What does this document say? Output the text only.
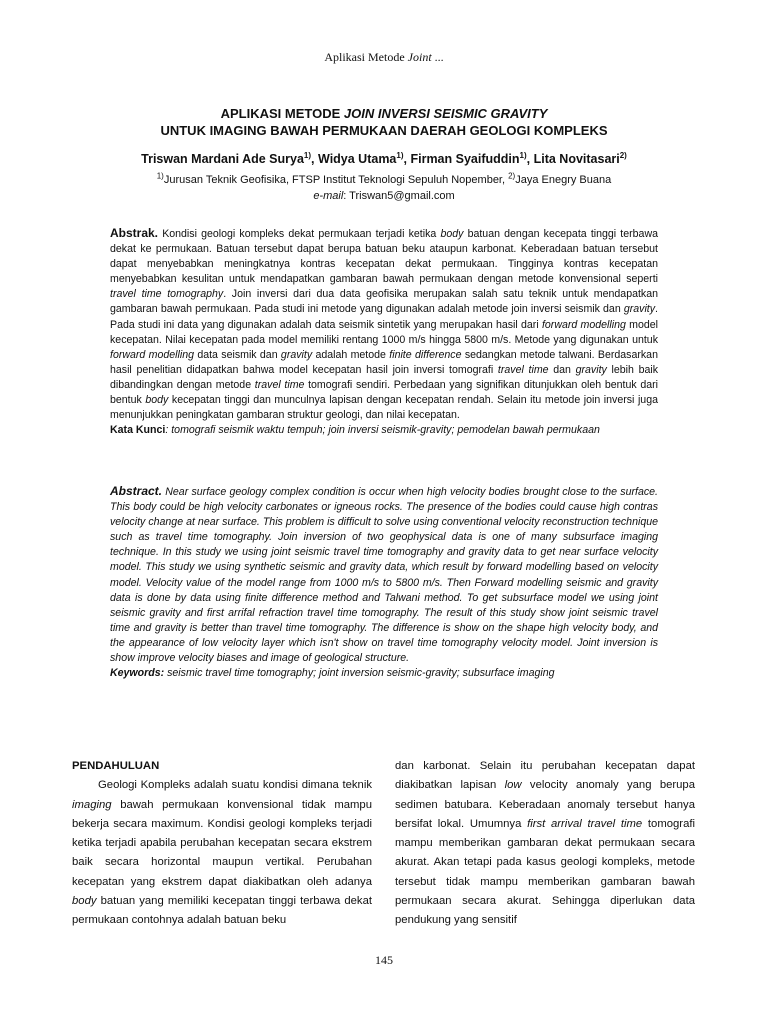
Aplikasi Metode Joint ...
APLIKASI METODE JOIN INVERSI SEISMIC GRAVITY
UNTUK IMAGING BAWAH PERMUKAAN DAERAH GEOLOGI KOMPLEKS
Triswan Mardani Ade Surya$^{1)}$, Widya Utama$^{1)}$, Firman Syaifuddin$^{1)}$, Lita Novitasari$^{2)}$
$^{1)}$Jurusan Teknik Geofisika, FTSP Institut Teknologi Sepuluh Nopember, $^{2)}$Jaya Enegry Buana
e-mail: Triswan5@gmail.com
Abstrak. Kondisi geologi kompleks dekat permukaan terjadi ketika body batuan dengan kecepata tinggi terbawa dekat ke permukaan. Batuan tersebut dapat berupa batuan beku ataupun karbonat. Keberadaan batuan tersebut dapat menyebabkan meningkatnya kontras kecepatan dekat permukaan. Tingginya kontras kecepatan menyebabkan kesulitan untuk mendapatkan gambaran bawah permukaan dengan metode konvensional seperti travel time tomography. Join inversi dari dua data geofisika merupakan salah satu teknik untuk mendapatkan gambaran bawah permukaan. Pada studi ini metode yang digunakan adalah metode join inversi seismik dan gravity. Pada studi ini data yang digunakan adalah data seismik sintetik yang merupakan hasil dari forward modelling model kecepatan. Nilai kecepatan pada model memiliki rentang 1000 m/s hingga 5800 m/s. Metode yang digunakan untuk forward modelling data seismik dan gravity adalah metode finite difference sedangkan metode talwani. Berdasarkan hasil penelitian didapatkan bahwa model kecepatan hasil join inversi tomografi travel time dan gravity lebih baik dibandingkan dengan metode travel time tomografi sendiri. Perbedaan yang signifikan ditunjukkan oleh bentuk dari bentuk body kecepatan tinggi dan munculnya lapisan dengan kecepatan rendah. Selain itu metode join inversi juga menunjukkan peningkatan gambaran struktur geologi, dan nilai kecepatan.
Kata Kunci: tomografi seismik waktu tempuh; join inversi seismik-gravity; pemodelan bawah permukaan
Abstract. Near surface geology complex condition is occur when high velocity bodies brought close to the surface. This body could be high velocity carbonates or igneous rocks. The presence of the bodies could cause high contras velocity change at near surface. This problem is difficult to solve using conventional velocity reconstruction technique such as travel time tomography. Join inversion of two geophysical data is one of many subsurface imaging technique. In this study we using joint seismic travel time tomography and gravity data to get near surface velocity model. This study we using synthetic seismic and gravity data, which result by forward modelling based on velocity model. Velocity value of the model range from 1000 m/s to 5800 m/s. Then Forward modelling seismic and gravity data is done by data using finite difference method and Talwani method. To get subsurface model we using joint seismic gravity and first arrifal refraction travel time tomography. The result of this study show joint seismic travel time and gravity is better than travel time tomography. The difference is show on the shape high velocity body, and the appearance of low velocity layer which isn't show on travel time tomography velocity model. Joint inversion is show improve velocity biases and image of geological structure.
Keywords: seismic travel time tomography; joint inversion seismic-gravity; subsurface imaging
PENDAHULUAN

Geologi Kompleks adalah suatu kondisi dimana teknik imaging bawah permukaan konvensional tidak mampu bekerja secara maximum. Kondisi geologi kompleks terjadi ketika terjadi apabila perubahan kecepatan secara ekstrem baik secara horizontal maupun vertikal. Perubahan kecepatan yang ekstrem dapat diakibatkan oleh adanya body batuan yang memiliki kecepatan tinggi terbawa dekat permukaan contohnya adalah batuan beku

dan karbonat. Selain itu perubahan kecepatan dapat diakibatkan lapisan low velocity anomaly yang berupa sedimen batubara. Keberadaan anomaly tersebut hanya bersifat lokal. Umumnya first arrival travel time tomografi mampu memberikan gambaran dekat permukaan secara akurat. Akan tetapi pada kasus geologi kompleks, metode tersebut tidak mampu memberikan gambaran bawah permukaan secara akurat. Sehingga diperlukan data pendukung yang sensitif

145
